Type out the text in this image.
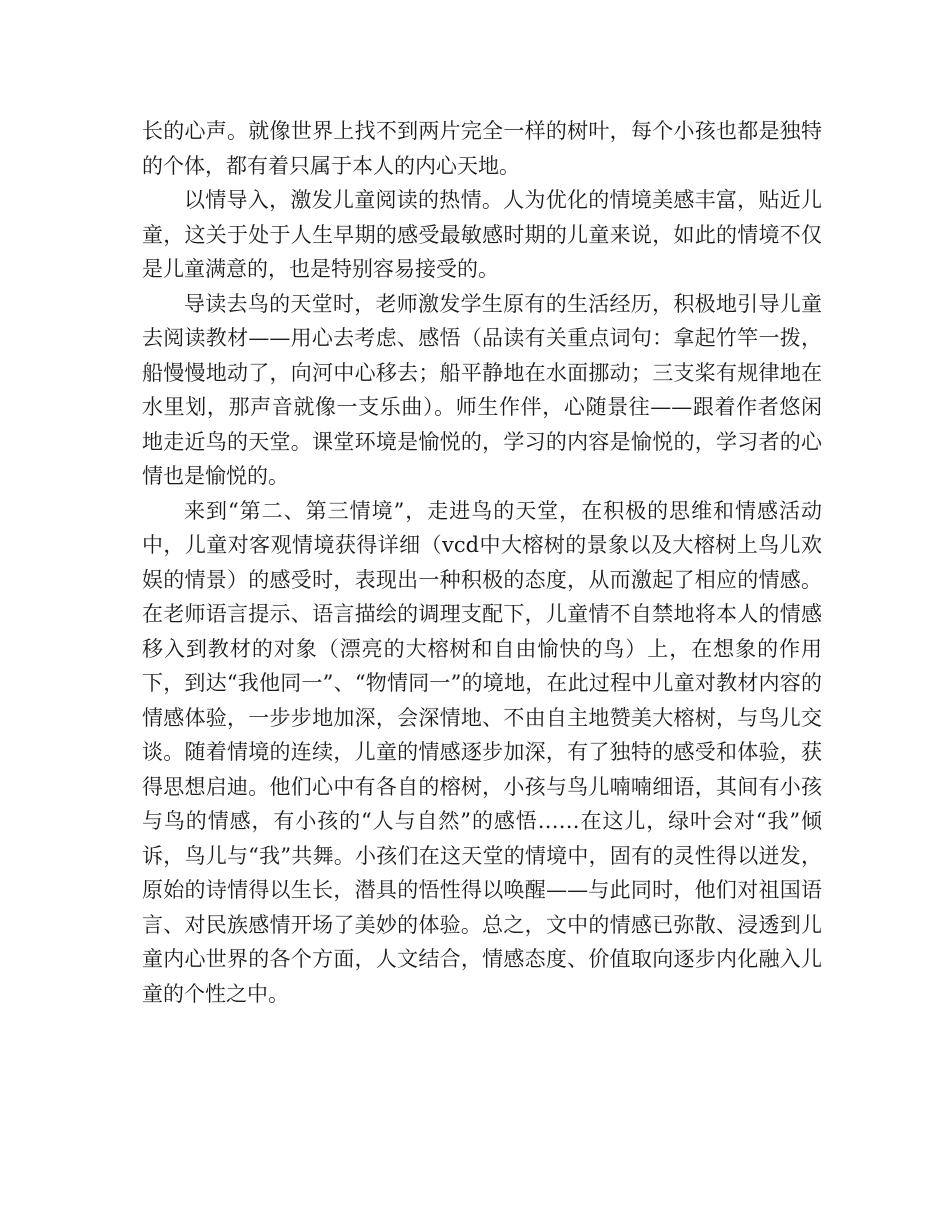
长的心声。就像世界上找不到两片完全一样的树叶，每个小孩也都是独特的个体，都有着只属于本人的内心天地。

以情导入，激发儿童阅读的热情。人为优化的情境美感丰富，贴近儿童，这关于处于人生早期的感受最敏感时期的儿童来说，如此的情境不仅是儿童满意的，也是特别容易接受的。

导读去鸟的天堂时，老师激发学生原有的生活经历，积极地引导儿童去阅读教材——用心去考虑、感悟（品读有关重点词句：拿起竹竿一拨，船慢慢地动了，向河中心移去；船平静地在水面挪动；三支桨有规律地在水里划，那声音就像一支乐曲）。师生作伴，心随景往——跟着作者悠闲地走近鸟的天堂。课堂环境是愉悦的，学习的内容是愉悦的，学习者的心情也是愉悦的。

来到“第二、第三情境”，走进鸟的天堂，在积极的思维和情感活动中，儿童对客观情境获得详细（vcd中大榕树的景象以及大榕树上鸟儿欢娱的情景）的感受时，表现出一种积极的态度，从而激起了相应的情感。在老师语言提示、语言描绘的调理支配下，儿童情不自禁地将本人的情感移入到教材的对象（漂亮的大榕树和自由愉快的鸟）上，在想象的作用下，到达“我他同一”、“物情同一”的境地，在此过程中儿童对教材内容的情感体验，一步步地加深，会深情地、不由自主地赞美大榕树，与鸟儿交谈。随着情境的连续，儿童的情感逐步加深，有了独特的感受和体验，获得思想启迪。他们心中有各自的榕树，小孩与鸟儿喃喃细语，其间有小孩与鸟的情感，有小孩的“人与自然”的感悟……在这儿，绿叶会对“我”倾诉，鸟儿与“我”共舞。小孩们在这天堂的情境中，固有的灵性得以迸发，原始的诗情得以生长，潜具的悟性得以唤醒——与此同时，他们对祖国语言、对民族感情开场了美妙的体验。总之，文中的情感已弥散、浸透到儿童内心世界的各个方面，人文结合，情感态度、价值取向逐步内化融入儿童的个性之中。
